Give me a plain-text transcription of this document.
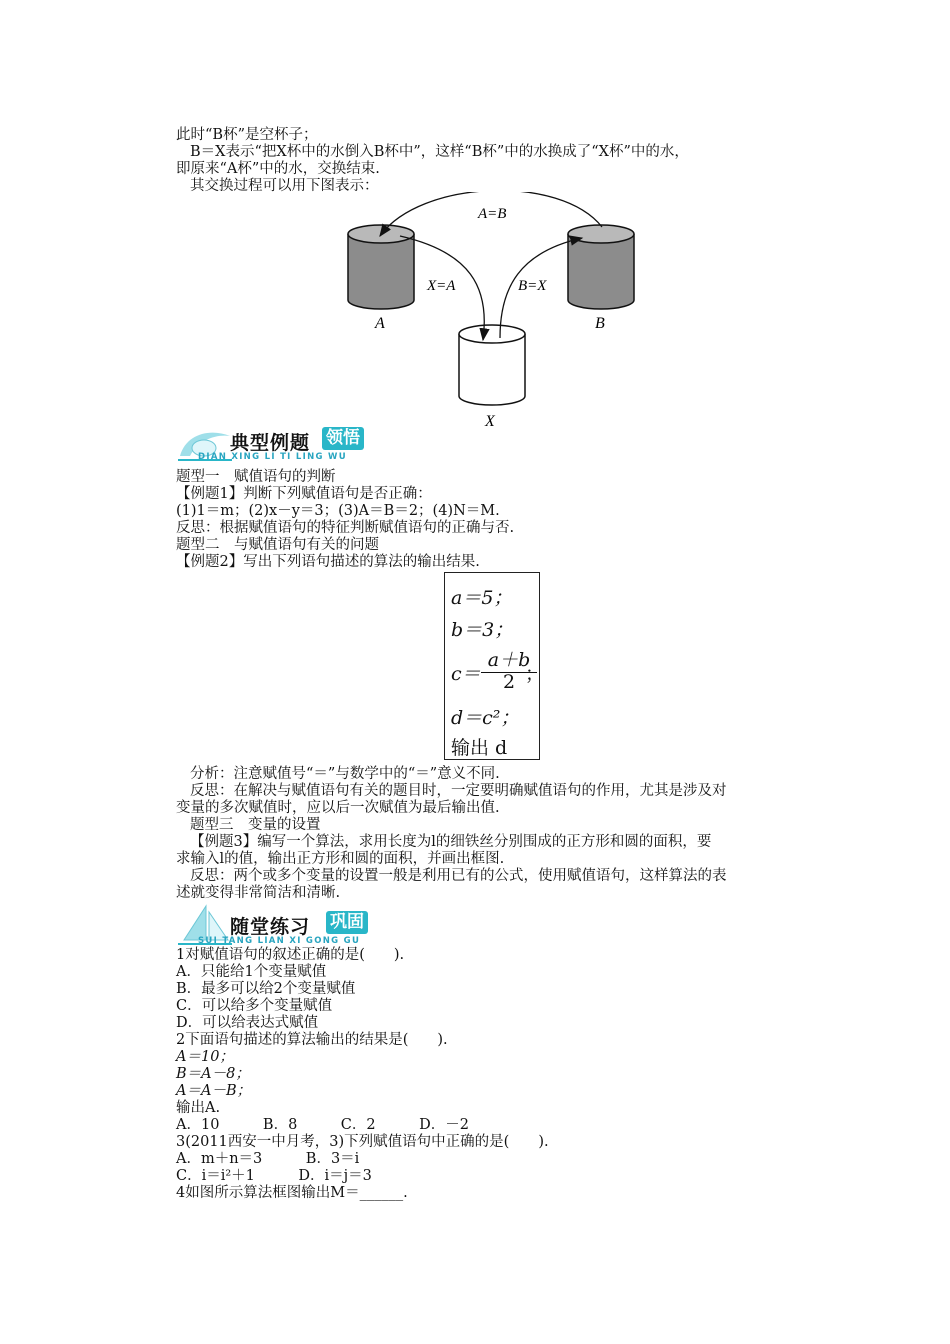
此时“B杯”是空杯子；
B＝X表示“把X杯中的水倒入B杯中”，这样“B杯”中的水换成了“X杯”中的水，
即原来“A杯”中的水，交换结束.
其交换过程可以用下图表示：
A=B
X=A	B=X
A	B
X
典型例题 领悟
DIAN XING LI TI LING WU
题型一　赋值语句的判断
【例题1】判断下列赋值语句是否正确：
(1)1＝m；(2)x－y＝3；(3)A＝B＝2；(4)N＝M.
反思：根据赋值语句的特征判断赋值语句的正确与否.
题型二　与赋值语句有关的问题
【例题2】写出下列语句描述的算法的输出结果.
a＝5；
b＝3；
c＝
a＋b
2 ；
d＝c²；
输出 d
分析：注意赋值号“＝”与数学中的“＝”意义不同.
反思：在解决与赋值语句有关的题目时，一定要明确赋值语句的作用，尤其是涉及对
变量的多次赋值时，应以后一次赋值为最后输出值.
题型三　变量的设置
【例题3】编写一个算法，求用长度为l的细铁丝分别围成的正方形和圆的面积，要
求输入l的值，输出正方形和圆的面积，并画出框图.
反思：两个或多个变量的设置一般是利用已有的公式，使用赋值语句，这样算法的表
述就变得非常简洁和清晰.
随堂练习 巩固
SUI TANG LIAN XI GONG GU
1对赋值语句的叙述正确的是(　　).
A．只能给1个变量赋值
B．最多可以给2个变量赋值
C．可以给多个变量赋值
D．可以给表达式赋值
2下面语句描述的算法输出的结果是(　　).
A＝10；
B＝A－8；
A＝A－B；
输出A.
A．10　　　B．8　　　C．2　　　D．－2
3(2011西安一中月考，3)下列赋值语句中正确的是(　　).
A．m＋n＝3　　　B．3＝i
C．i＝i²＋1　　　D．i＝j＝3
4如图所示算法框图输出M＝______.
